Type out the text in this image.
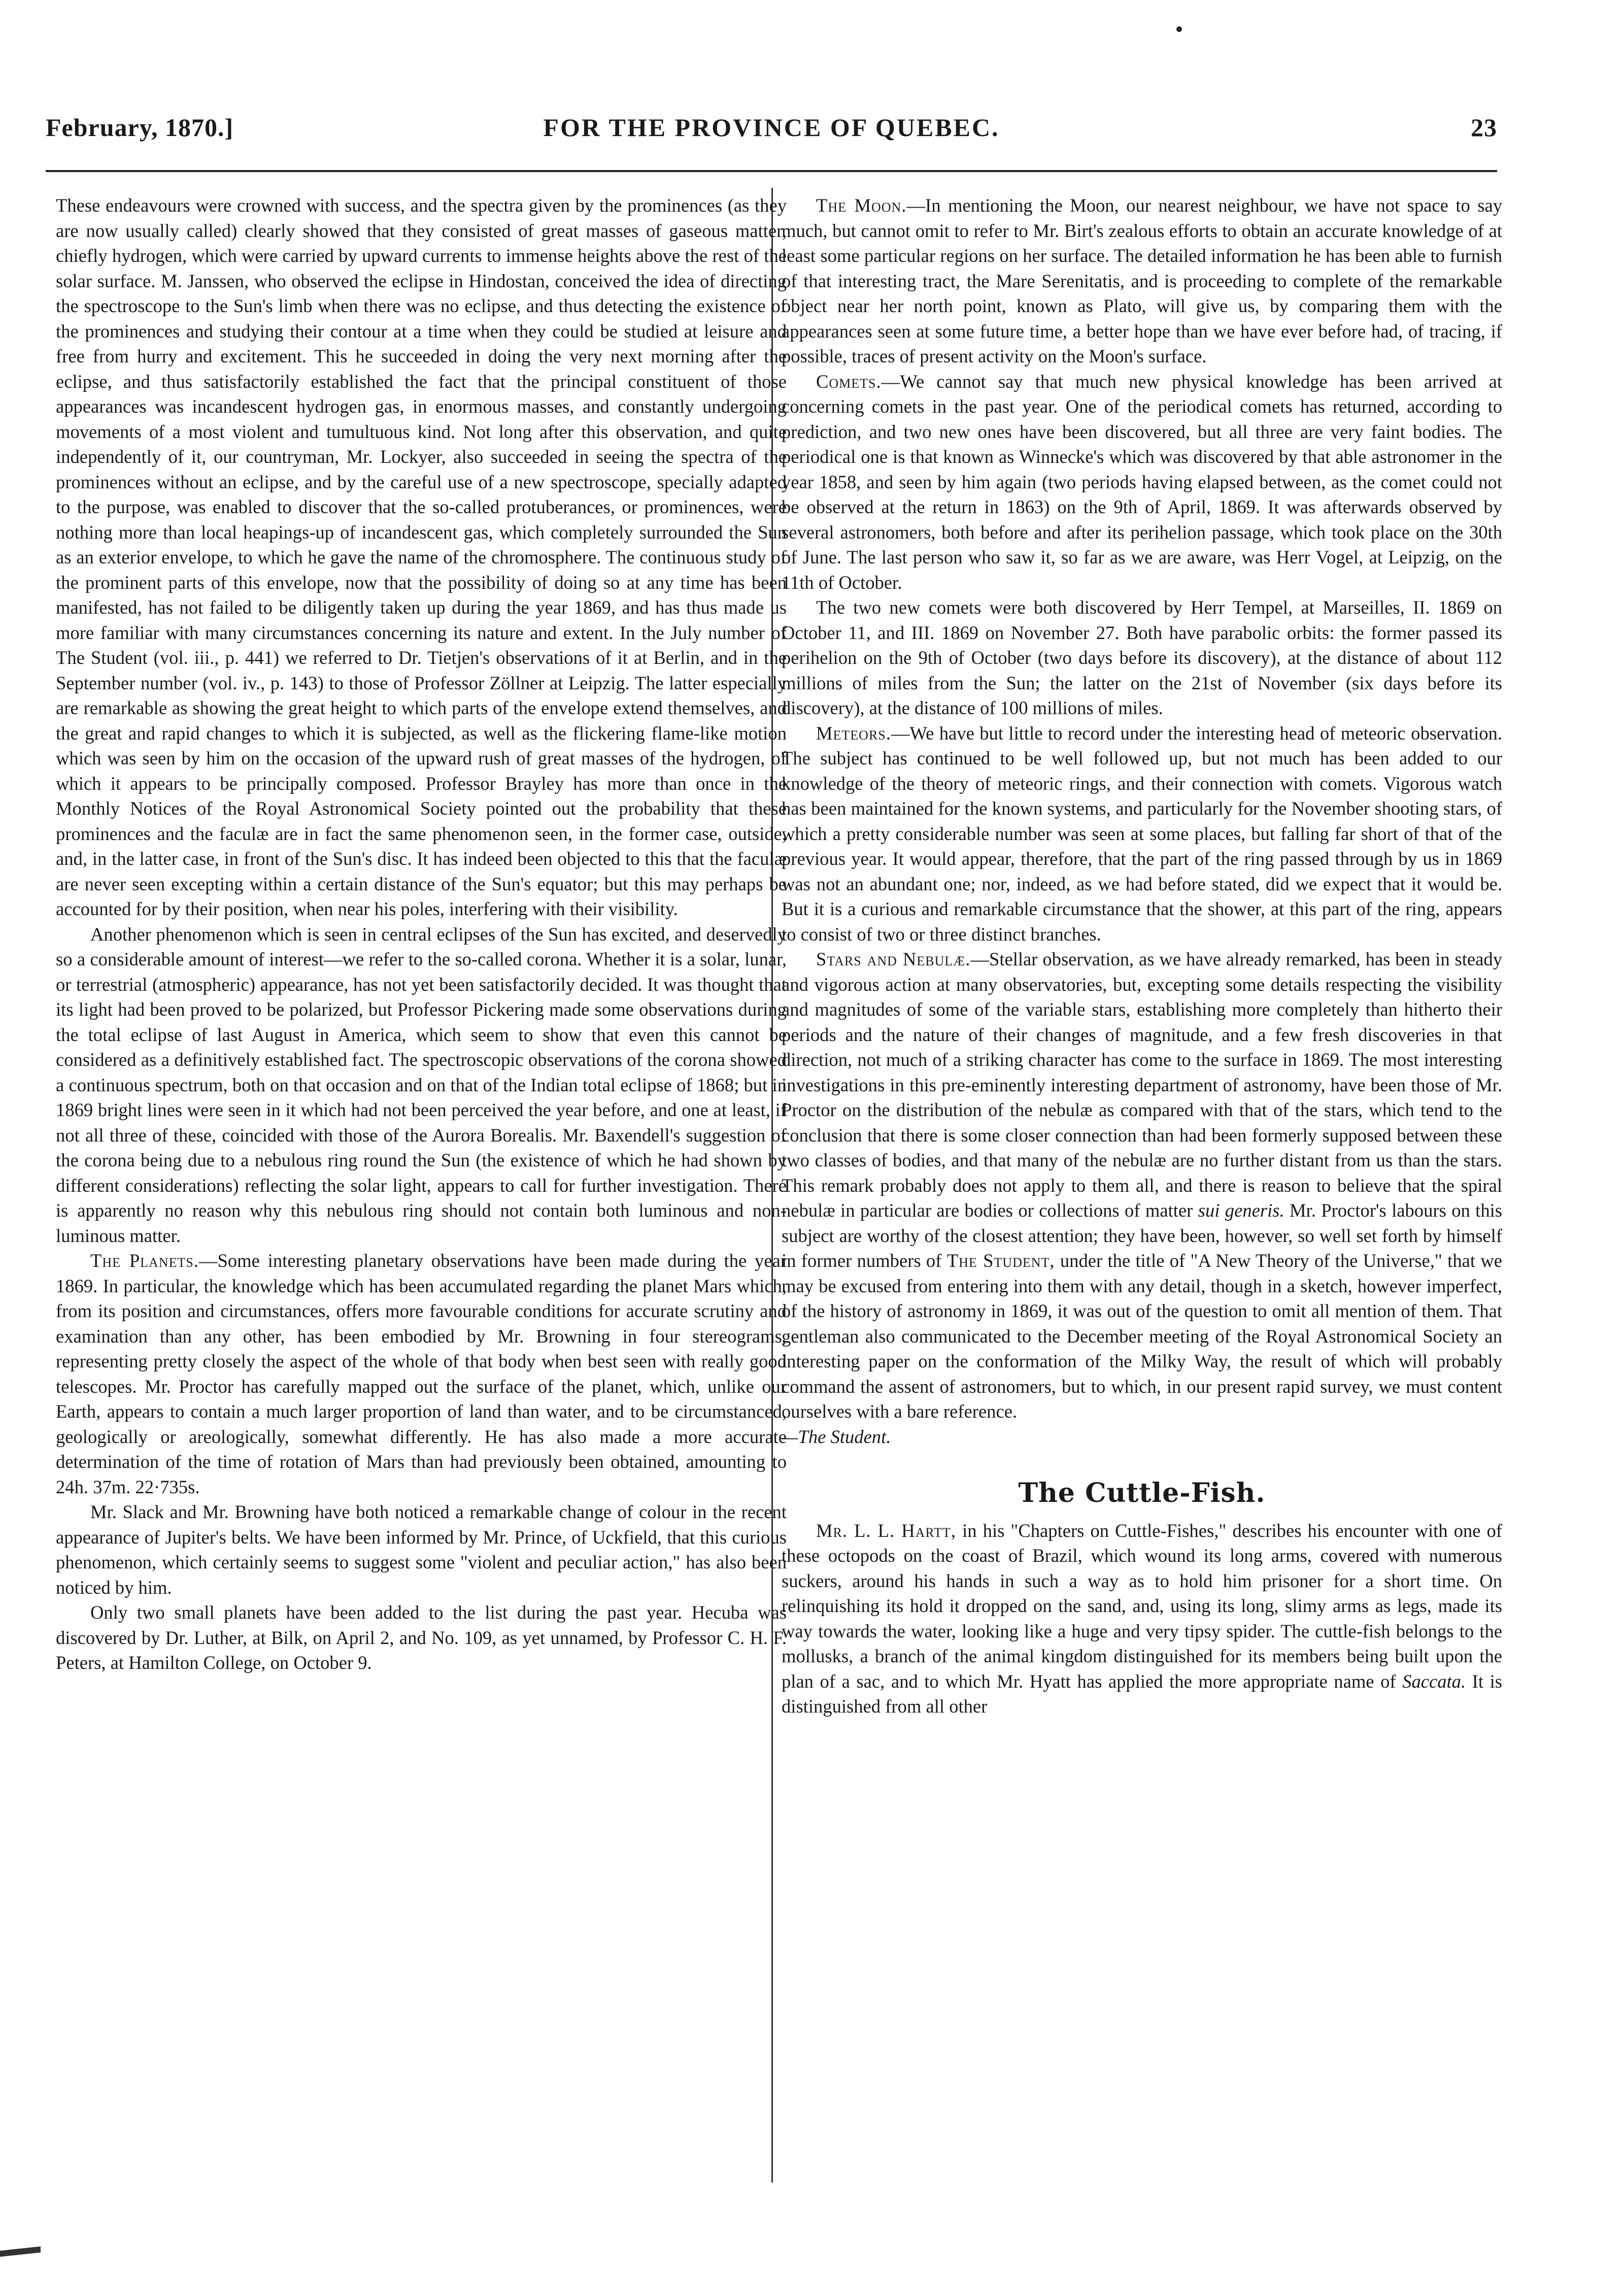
February, 1870.]	FOR THE PROVINCE OF QUEBEC.	23

These endeavours were crowned with success, and the spectra given by the prominences (as they are now usually called) clearly showed that they consisted of great masses of gaseous matter, chiefly hydrogen, which were carried by upward currents to immense heights above the rest of the solar surface. M. Janssen, who observed the eclipse in Hindostan, conceived the idea of directing the spectroscope to the Sun's limb when there was no eclipse, and thus detecting the existence of the prominences and studying their contour at a time when they could be studied at leisure and free from hurry and excitement. This he succeeded in doing the very next morning after the eclipse, and thus satisfactorily established the fact that the principal constituent of those appearances was incandescent hydrogen gas, in enormous masses, and constantly undergoing movements of a most violent and tumultuous kind. Not long after this observation, and quite independently of it, our countryman, Mr. Lockyer, also succeeded in seeing the spectra of the prominences without an eclipse, and by the careful use of a new spectroscope, specially adapted to the purpose, was enabled to discover that the so-called protuberances, or prominences, were nothing more than local heapings-up of incandescent gas, which completely surrounded the Sun as an exterior envelope, to which he gave the name of the chromosphere. The continuous study of the prominent parts of this envelope, now that the possibility of doing so at any time has been manifested, has not failed to be diligently taken up during the year 1869, and has thus made us more familiar with many circumstances concerning its nature and extent. In the July number of The Student (vol. iii., p. 441) we referred to Dr. Tietjen's observations of it at Berlin, and in the September number (vol. iv., p. 143) to those of Professor Zöllner at Leipzig. The latter especially are remarkable as showing the great height to which parts of the envelope extend themselves, and the great and rapid changes to which it is subjected, as well as the flickering flame-like motion which was seen by him on the occasion of the upward rush of great masses of the hydrogen, of which it appears to be principally composed. Professor Brayley has more than once in the Monthly Notices of the Royal Astronomical Society pointed out the probability that these prominences and the faculæ are in fact the same phenomenon seen, in the former case, outside, and, in the latter case, in front of the Sun's disc. It has indeed been objected to this that the faculæ are never seen excepting within a certain distance of the Sun's equator; but this may perhaps be accounted for by their position, when near his poles, interfering with their visibility.

Another phenomenon which is seen in central eclipses of the Sun has excited, and deservedly so a considerable amount of interest—we refer to the so-called corona. Whether it is a solar, lunar, or terrestrial (atmospheric) appearance, has not yet been satisfactorily decided. It was thought that its light had been proved to be polarized, but Professor Pickering made some observations during the total eclipse of last August in America, which seem to show that even this cannot be considered as a definitively established fact. The spectroscopic observations of the corona showed a continuous spectrum, both on that occasion and on that of the Indian total eclipse of 1868; but in 1869 bright lines were seen in it which had not been perceived the year before, and one at least, if not all three of these, coincided with those of the Aurora Borealis. Mr. Baxendell's suggestion of the corona being due to a nebulous ring round the Sun (the existence of which he had shown by different considerations) reflecting the solar light, appears to call for further investigation. There is apparently no reason why this nebulous ring should not contain both luminous and non-luminous matter.

The Planets.—Some interesting planetary observations have been made during the year 1869. In particular, the knowledge which has been accumulated regarding the planet Mars which, from its position and circumstances, offers more favourable conditions for accurate scrutiny and examination than any other, has been embodied by Mr. Browning in four stereograms, representing pretty closely the aspect of the whole of that body when best seen with really good telescopes. Mr. Proctor has carefully mapped out the surface of the planet, which, unlike our Earth, appears to contain a much larger proportion of land than water, and to be circumstanced, geologically or areologically, somewhat differently. He has also made a more accurate determination of the time of rotation of Mars than had previously been obtained, amounting to 24h. 37m. 22·735s.

Mr. Slack and Mr. Browning have both noticed a remarkable change of colour in the recent appearance of Jupiter's belts. We have been informed by Mr. Prince, of Uckfield, that this curious phenomenon, which certainly seems to suggest some "violent and peculiar action," has also been noticed by him.

Only two small planets have been added to the list during the past year. Hecuba was discovered by Dr. Luther, at Bilk, on April 2, and No. 109, as yet unnamed, by Professor C. H. F. Peters, at Hamilton College, on October 9.

The Moon.—In mentioning the Moon, our nearest neighbour, we have not space to say much, but cannot omit to refer to Mr. Birt's zealous efforts to obtain an accurate knowledge of at least some particular regions on her surface. The detailed information he has been able to furnish of that interesting tract, the Mare Serenitatis, and is proceeding to complete of the remarkable object near her north point, known as Plato, will give us, by comparing them with the appearances seen at some future time, a better hope than we have ever before had, of tracing, if possible, traces of present activity on the Moon's surface.

Comets.—We cannot say that much new physical knowledge has been arrived at concerning comets in the past year. One of the periodical comets has returned, according to prediction, and two new ones have been discovered, but all three are very faint bodies. The periodical one is that known as Winnecke's which was discovered by that able astronomer in the year 1858, and seen by him again (two periods having elapsed between, as the comet could not be observed at the return in 1863) on the 9th of April, 1869. It was afterwards observed by several astronomers, both before and after its perihelion passage, which took place on the 30th of June. The last person who saw it, so far as we are aware, was Herr Vogel, at Leipzig, on the 11th of October.

The two new comets were both discovered by Herr Tempel, at Marseilles, II. 1869 on October 11, and III. 1869 on November 27. Both have parabolic orbits: the former passed its perihelion on the 9th of October (two days before its discovery), at the distance of about 112 millions of miles from the Sun; the latter on the 21st of November (six days before its discovery), at the distance of 100 millions of miles.

Meteors.—We have but little to record under the interesting head of meteoric observation. The subject has continued to be well followed up, but not much has been added to our knowledge of the theory of meteoric rings, and their connection with comets. Vigorous watch has been maintained for the known systems, and particularly for the November shooting stars, of which a pretty considerable number was seen at some places, but falling far short of that of the previous year. It would appear, therefore, that the part of the ring passed through by us in 1869 was not an abundant one; nor, indeed, as we had before stated, did we expect that it would be. But it is a curious and remarkable circumstance that the shower, at this part of the ring, appears to consist of two or three distinct branches.

Stars and Nebulæ.—Stellar observation, as we have already remarked, has been in steady and vigorous action at many observatories, but, excepting some details respecting the visibility and magnitudes of some of the variable stars, establishing more completely than hitherto their periods and the nature of their changes of magnitude, and a few fresh discoveries in that direction, not much of a striking character has come to the surface in 1869. The most interesting investigations in this pre-eminently interesting department of astronomy, have been those of Mr. Proctor on the distribution of the nebulæ as compared with that of the stars, which tend to the conclusion that there is some closer connection than had been formerly supposed between these two classes of bodies, and that many of the nebulæ are no further distant from us than the stars. This remark probably does not apply to them all, and there is reason to believe that the spiral nebulæ in particular are bodies or collections of matter sui generis. Mr. Proctor's labours on this subject are worthy of the closest attention; they have been, however, so well set forth by himself in former numbers of The Student, under the title of "A New Theory of the Universe," that we may be excused from entering into them with any detail, though in a sketch, however imperfect, of the history of astronomy in 1869, it was out of the question to omit all mention of them. That gentleman also communicated to the December meeting of the Royal Astronomical Society an interesting paper on the conformation of the Milky Way, the result of which will probably command the assent of astronomers, but to which, in our present rapid survey, we must content ourselves with a bare reference.
—The Student.

The Cuttle-Fish.

Mr. L. L. Hartt, in his "Chapters on Cuttle-Fishes," describes his encounter with one of these octopods on the coast of Brazil, which wound its long arms, covered with numerous suckers, around his hands in such a way as to hold him prisoner for a short time. On relinquishing its hold it dropped on the sand, and, using its long, slimy arms as legs, made its way towards the water, looking like a huge and very tipsy spider. The cuttle-fish belongs to the mollusks, a branch of the animal kingdom distinguished for its members being built upon the plan of a sac, and to which Mr. Hyatt has applied the more appropriate name of Saccata. It is distinguished from all other
